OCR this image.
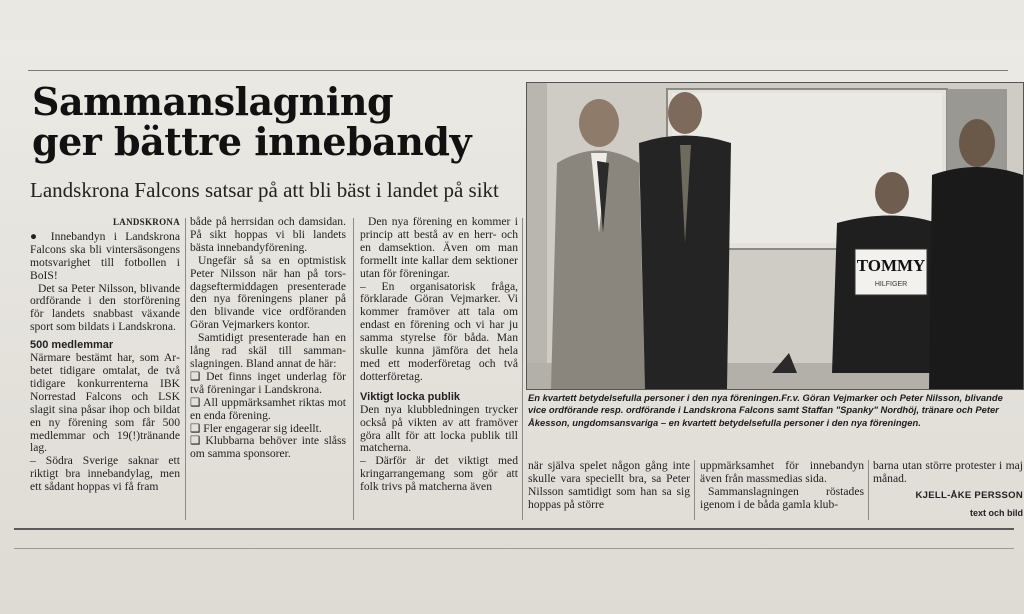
Sammanslagning
ger bättre innebandy
Landskrona Falcons satsar på att bli bäst i landet på sikt
LANDSKRONA

● Innebandyn i Landskrona Falcons ska bli vintersäsongens motsvarighet till fotbollen i BoIS!

Det sa Peter Nilsson, blivande ordförande i den storförening för landets snabbast växande sport som bildats i Landskrona.

500 medlemmar

Närmare bestämt har, som Arbetet tidigare omtalat, de två tidigare konkurrenterna IBK Norrestad Falcons och LSK slagit sina påsar ihop och bildat en ny förening som får 500 medlemmar och 19(!)tränande lag.

– Södra Sverige saknar ett riktigt bra innebandylag, men ett sådant hoppas vi få fram

både på herrsidan och damsidan. På sikt hoppas vi bli landets bästa innebandyförening.

Ungefär så sa en optmistisk Peter Nilsson när han på torsdagseftermiddagen presenterade den nya föreningens planer på den blivande vice ordföranden Göran Vejmarkers kontor.

Samtidigt presenterade han en lång rad skäl till sammanslagningen. Bland annat de här:

❑ Det finns inget underlag för två föreningar i Landskrona.

❑ All uppmärksamhet riktas mot en enda förening.

❑ Fler engagerar sig ideellt.

❑ Klubbarna behöver inte slåss om samma sponsorer.

Den nya förening en kommer i princip att bestå av en herr- och en damsektion. Även om man formellt inte kallar dem sektioner utan för föreningar.

– En organisatorisk fråga, förklarade Göran Vejmarker. Vi kommer framöver att tala om endast en förening och vi har ju samma styrelse för båda. Man skulle kunna jämföra det hela med ett moderföretag och två dotterföretag.

Viktigt locka publik

Den nya klubbledningen trycker också på vikten av att framöver göra allt för att locka publik till matcherna.

– Därför är det viktigt med kringarrangemang som gör att folk trivs på matcherna även

TOMMY
HILFIGER
En kvartett betydelsefulla personer i den nya föreningen.Fr.v. Göran Vejmarker och Peter Nilsson, blivande vice ordförande resp. ordförande i Landskrona Falcons samt Staffan "Spanky" Nordhöj, tränare och Peter Åkesson, ungdomsansvariga – en kvartett betydelsefulla personer i den nya föreningen.

när själva spelet någon gång inte skulle vara speciellt bra, sa Peter Nilsson samtidigt som han sa sig hoppas på större

uppmärksamhet för innebandyn även från massmedias sida.

Sammanslagningen röstades igenom i de båda gamla klub-

barna utan större protester i maj månad.

KJELL-ÅKE PERSSON
text och bild
